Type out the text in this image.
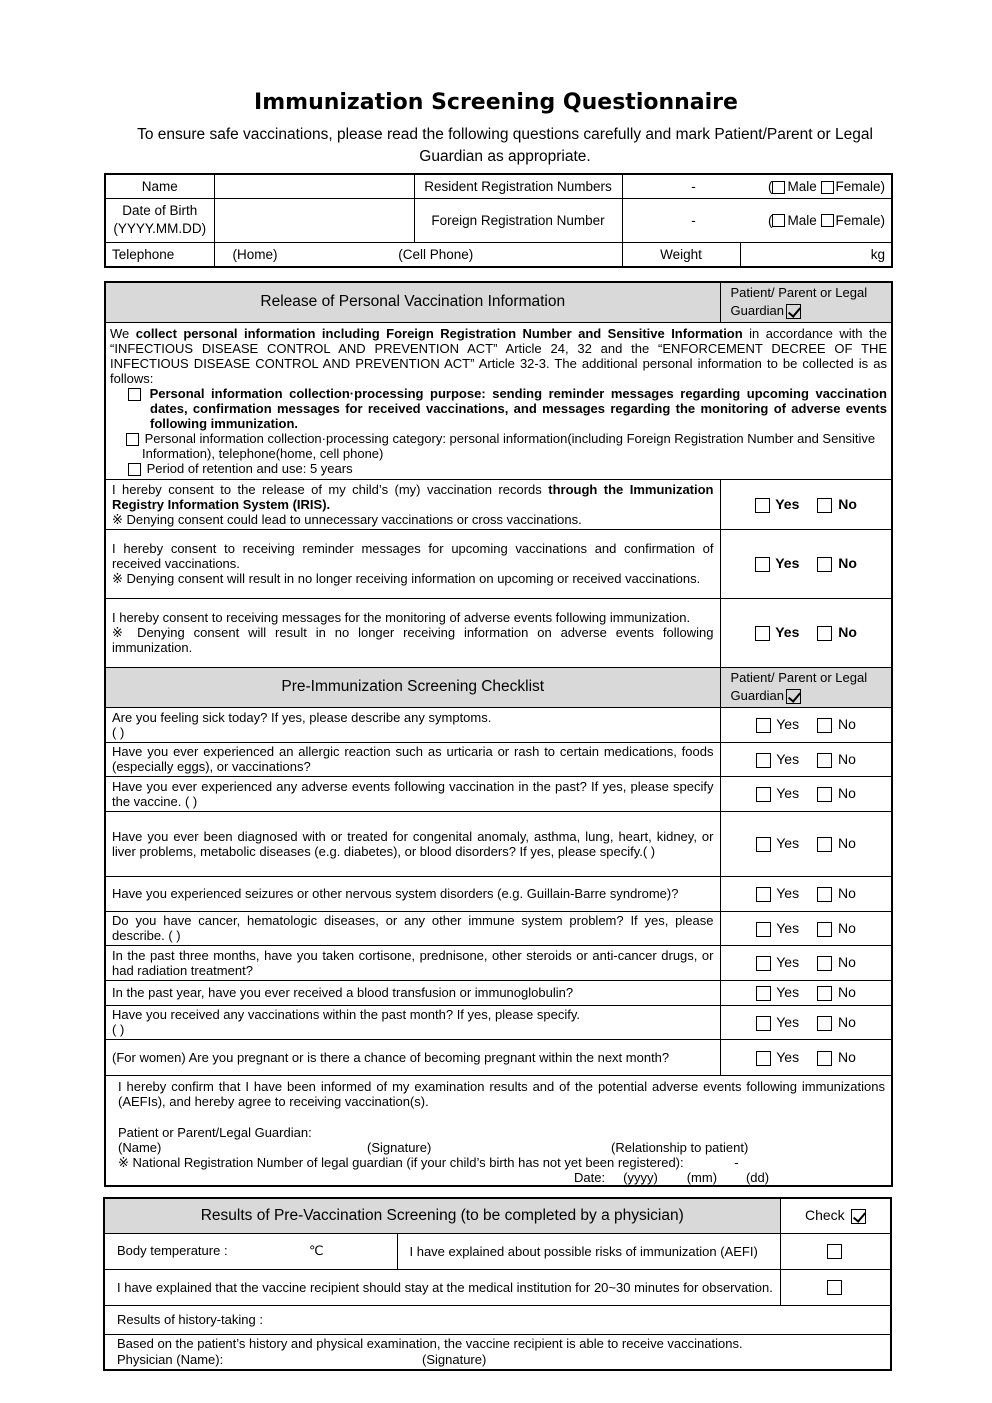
Immunization Screening Questionnaire
To ensure safe vaccinations, please read the following questions carefully and mark Patient/Parent or Legal Guardian as appropriate.
Name		Resident Registration Numbers	- ( Male Female)	

Date of Birth
(YYYY.MM.DD)		Foreign Registration Number	- ( Male Female)	

Telephone	(Home) (Cell Phone)		Weight	kg
Release of Personal Vaccination Information	Patient/ Parent or Legal
Guardian

We collect personal information including Foreign Registration Number and Sensitive Information in accordance with the “INFECTIOUS DISEASE CONTROL AND PREVENTION ACT” Article 24, 32 and the “ENFORCEMENT DECREE OF THE INFECTIOUS DISEASE CONTROL AND PREVENTION ACT” Article 32-3. The additional personal information to be collected is as follows:
Personal information collection·processing purpose: sending reminder messages regarding upcoming vaccination dates, confirmation messages for received vaccinations, and messages regarding the monitoring of adverse events following immunization.
Personal information collection·processing category: personal information(including Foreign Registration Number and Sensitive Information), telephone(home, cell phone)
Period of retention and use: 5 years	

I hereby consent to the release of my child’s (my) vaccination records through the Immunization Registry Information System (IRIS).
※ Denying consent could lead to unnecessary vaccinations or cross vaccinations.	Yes No
I hereby consent to receiving reminder messages for upcoming vaccinations and confirmation of received vaccinations.
※ Denying consent will result in no longer receiving information on upcoming or received vaccinations.	Yes No
I hereby consent to receiving messages for the monitoring of adverse events following immunization.
※ Denying consent will result in no longer receiving information on adverse events following immunization.	Yes No
Pre-Immunization Screening Checklist	Patient/ Parent or Legal
Guardian
Are you feeling sick today? If yes, please describe any symptoms.
( )	Yes No
Have you ever experienced an allergic reaction such as urticaria or rash to certain medications, foods (especially eggs), or vaccinations?	Yes No
Have you ever experienced any adverse events following vaccination in the past? If yes, please specify the vaccine. ( )	Yes No
Have you ever been diagnosed with or treated for congenital anomaly, asthma, lung, heart, kidney, or liver problems, metabolic diseases (e.g. diabetes), or blood disorders? If yes, please specify.( )	Yes No
Have you experienced seizures or other nervous system disorders (e.g. Guillain-Barre syndrome)?	Yes No
Do you have cancer, hematologic diseases, or any other immune system problem? If yes, please describe. ( )	Yes No
In the past three months, have you taken cortisone, prednisone, other steroids or anti-cancer drugs, or had radiation treatment?	Yes No
In the past year, have you ever received a blood transfusion or immunoglobulin?	Yes No
Have you received any vaccinations within the past month? If yes, please specify.
( )	Yes No
(For women) Are you pregnant or is there a chance of becoming pregnant within the next month?	Yes No

I hereby confirm that I have been informed of my examination results and of the potential adverse events following immunizations (AEFIs), and hereby agree to receiving vaccination(s).
Patient or Parent/Legal Guardian:
(Name) (Signature) (Relationship to patient)
※ National Registration Number of legal guardian (if your child’s birth has not yet been registered): -
Date: (yyyy) (mm) (dd)	
Results of Pre-Vaccination Screening (to be completed by a physician)		Check
Body temperature : ℃	I have explained about possible risks of immunization (AEFI)	
I have explained that the vaccine recipient should stay at the medical institution for 20~30 minutes for observation.		
Results of history-taking :		

Based on the patient’s history and physical examination, the vaccine recipient is able to receive vaccinations.
Physician (Name): (Signature)		
